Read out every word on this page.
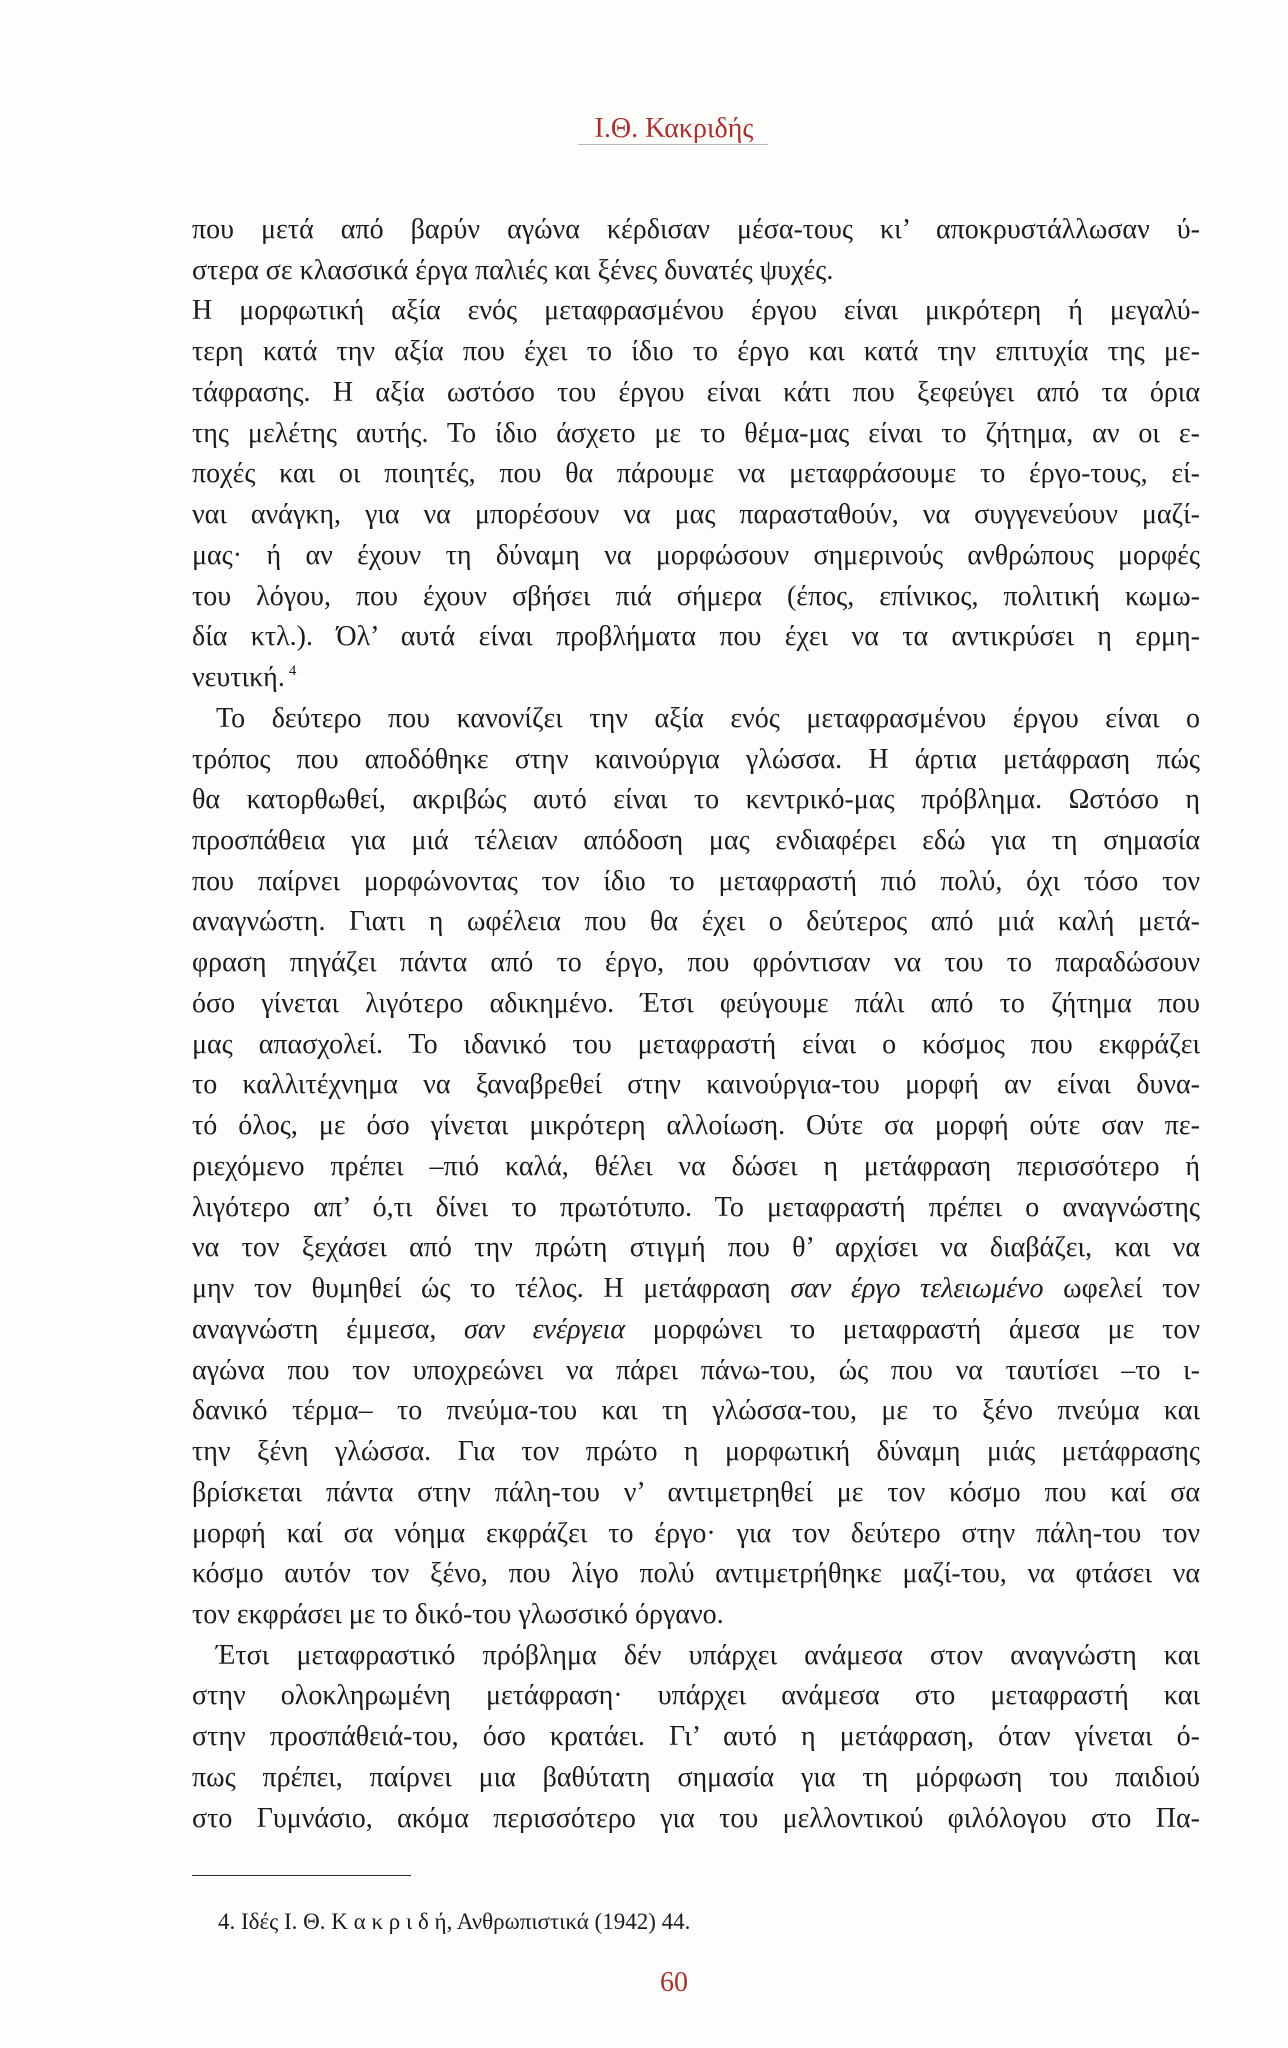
Ι.Θ. Κακριδής
που μετά από βαρύν αγώνα κέρδισαν μέσα-τους κι’ αποκρυστάλλωσαν ύ-
στερα σε κλασσικά έργα παλιές και ξένες δυνατές ψυχές.
Η μορφωτική αξία ενός μεταφρασμένου έργου είναι μικρότερη ή μεγαλύ-
τερη κατά την αξία που έχει το ίδιο το έργο και κατά την επιτυχία της με-
τάφρασης. Η αξία ωστόσο του έργου είναι κάτι που ξεφεύγει από τα όρια
της μελέτης αυτής. Το ίδιο άσχετο με το θέμα-μας είναι το ζήτημα, αν οι ε-
ποχές και οι ποιητές, που θα πάρουμε να μεταφράσουμε το έργο-τους, εί-
ναι ανάγκη, για να μπορέσουν να μας παρασταθούν, να συγγενεύουν μαζί-
μας· ή αν έχουν τη δύναμη να μορφώσουν σημερινούς ανθρώπους μορφές
του λόγου, που έχουν σβήσει πιά σήμερα (έπος, επίνικος, πολιτική κωμω-
δία κτλ.). Όλ’ αυτά είναι προβλήματα που έχει να τα αντικρύσει η ερμη-
νευτική. $^4$
Το δεύτερο που κανονίζει την αξία ενός μεταφρασμένου έργου είναι ο
τρόπος που αποδόθηκε στην καινούργια γλώσσα. Η άρτια μετάφραση πώς
θα κατορθωθεί, ακριβώς αυτό είναι το κεντρικό-μας πρόβλημα. Ωστόσο η
προσπάθεια για μιά τέλειαν απόδοση μας ενδιαφέρει εδώ για τη σημασία
που παίρνει μορφώνοντας τον ίδιο το μεταφραστή πιό πολύ, όχι τόσο τον
αναγνώστη. Γιατι η ωφέλεια που θα έχει ο δεύτερος από μιά καλή μετά-
φραση πηγάζει πάντα από το έργο, που φρόντισαν να του το παραδώσουν
όσο γίνεται λιγότερο αδικημένο. Έτσι φεύγουμε πάλι από το ζήτημα που
μας απασχολεί. Το ιδανικό του μεταφραστή είναι ο κόσμος που εκφράζει
το καλλιτέχνημα να ξαναβρεθεί στην καινούργια-του μορφή αν είναι δυνα-
τό όλος, με όσο γίνεται μικρότερη αλλοίωση. Ούτε σα μορφή ούτε σαν πε-
ριεχόμενο πρέπει –πιό καλά, θέλει να δώσει η μετάφραση περισσότερο ή
λιγότερο απ’ ό,τι δίνει το πρωτότυπο. Το μεταφραστή πρέπει ο αναγνώστης
να τον ξεχάσει από την πρώτη στιγμή που θ’ αρχίσει να διαβάζει, και να
μην τον θυμηθεί ώς το τέλος. Η μετάφραση σαν έργο τελειωμένο ωφελεί τον
αναγνώστη έμμεσα, σαν ενέργεια μορφώνει το μεταφραστή άμεσα με τον
αγώνα που τον υποχρεώνει να πάρει πάνω-του, ώς που να ταυτίσει –το ι-
δανικό τέρμα– το πνεύμα-του και τη γλώσσα-του, με το ξένο πνεύμα και
την ξένη γλώσσα. Για τον πρώτο η μορφωτική δύναμη μιάς μετάφρασης
βρίσκεται πάντα στην πάλη-του ν’ αντιμετρηθεί με τον κόσμο που καί σα
μορφή καί σα νόημα εκφράζει το έργο· για τον δεύτερο στην πάλη-του τον
κόσμο αυτόν τον ξένο, που λίγο πολύ αντιμετρήθηκε μαζί-του, να φτάσει να
τον εκφράσει με το δικό-του γλωσσικό όργανο.
Έτσι μεταφραστικό πρόβλημα δέν υπάρχει ανάμεσα στον αναγνώστη και
στην ολοκληρωμένη μετάφραση· υπάρχει ανάμεσα στο μεταφραστή και
στην προσπάθειά-του, όσο κρατάει. Γι’ αυτό η μετάφραση, όταν γίνεται ό-
πως πρέπει, παίρνει μια βαθύτατη σημασία για τη μόρφωση του παιδιού
στο Γυμνάσιο, ακόμα περισσότερο για του μελλοντικού φιλόλογου στο Πα-
4. Ιδές Ι. Θ. Κ α κ ρ ι δ ή, Ανθρωπιστικά (1942) 44.
60
